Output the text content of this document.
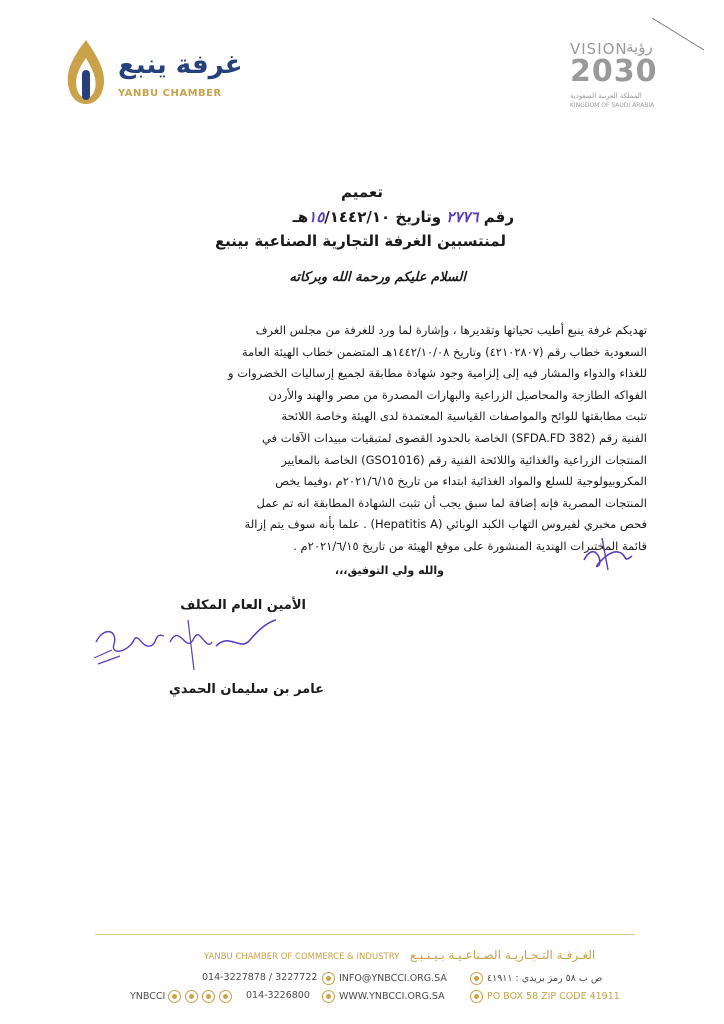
غرفة ينبع
YANBU CHAMBER
VISION
رؤية
2030
المملكة العربية السعودية
KINGDOM OF SAUDI ARABIA
تعميم
رقم ٢٧٧٦ وتاريخ ١٥/١٤٤٢/١٠هـ
لمنتسبين الغرفة التجارية الصناعية بينبع
السلام عليكم ورحمة الله وبركاته

تهديكم غرفة ينبع أطيب تحياتها وتقديرها ، وإشارة لما ورد للغرفة من مجلس الغرف

السعودية خطاب رقم (٤٢١٠٢٨٠٧) وتاريخ ١٤٤٢/١٠/٠٨هـ المتضمن خطاب الهيئة العامة

للغذاء والدواء والمشار فيه إلى إلزامية وجود شهادة مطابقة لجميع إرساليات الخضروات و

الفواكه الطازجة والمحاصيل الزراعية والبهارات المصدرة من مصر والهند والأردن

تثبت مطابقتها للوائح والمواصفات القياسية المعتمدة لدى الهيئة وخاصة اللائحة

الفنية رقم (SFDA.FD 382) الخاصة بالحدود القصوى لمتبقيات مبيدات الآفات في

المنتجات الزراعية والغذائية واللائحة الفنية رقم (GSO1016) الخاصة بالمعايير

المكروبيولوجية للسلع والمواد الغذائية ابتداء من تاريخ ٢٠٢١/٦/١٥م ،وفيما يخص

المنتجات المصرية فإنه إضافة لما سبق يجب أن تثبت الشهادة المطابقة انه تم عمل

فحص مخبري لفيروس التهاب الكبد الوبائي (Hepatitis A) . علما بأنه سوف يتم إزالة

قائمة المختبرات الهندية المنشورة على موقع الهيئة من تاريخ ٢٠٢١/٦/١٥م .

والله ولي التوفيق،،،
الأمين العام المكلف
عامر بن سليمان الحمدي
YANBU CHAMBER OF COMMERCE & INDUSTRY الغـرفـة التـجـاريـة الصـناعـيـة بـيـنـبـع
014-3227878 / 3227722	INFO@YNBCCI.ORG.SA	ص ب ٥٨ رمز بريدي : ٤١٩١١
YNBCCI	014-3226800	WWW.YNBCCI.ORG.SA	PO BOX 58 ZIP CODE 41911
